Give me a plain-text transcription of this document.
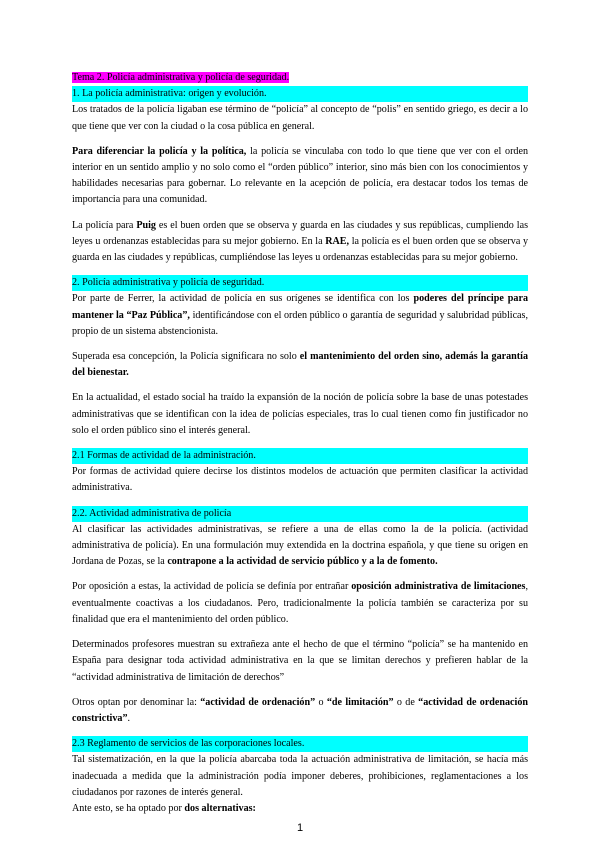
Tema 2. Policía administrativa y policía de seguridad.
1. La policía administrativa: origen y evolución.

Los tratados de la policía ligaban ese término de “policía” al concepto de “polis” en sentido griego, es decir a lo que tiene que ver con la ciudad o la cosa pública en general.

Para diferenciar la policía y la política, la policía se vinculaba con todo lo que tiene que ver con el orden interior en un sentido amplio y no solo como el “orden público” interior, sino más bien con los conocimientos y habilidades necesarias para gobernar. Lo relevante en la acepción de policía, era destacar todos los temas de importancia para una comunidad.

La policía para Puig es el buen orden que se observa y guarda en las ciudades y sus repúblicas, cumpliendo las leyes u ordenanzas establecidas para su mejor gobierno. En la RAE, la policía es el buen orden que se observa y guarda en las ciudades y repúblicas, cumpliéndose las leyes u ordenanzas establecidas para su mejor gobierno.

2. Policía administrativa y policía de seguridad.

Por parte de Ferrer, la actividad de policía en sus orígenes se identifica con los poderes del príncipe para mantener la “Paz Pública”, identificándose con el orden público o garantía de seguridad y salubridad públicas, propio de un sistema abstencionista.

Superada esa concepción, la Policía significara no solo el mantenimiento del orden sino, además la garantía del bienestar.

En la actualidad, el estado social ha traído la expansión de la noción de policía sobre la base de unas potestades administrativas que se identifican con la idea de policías especiales, tras lo cual tienen como fin justificador no solo el orden público sino el interés general.

2.1 Formas de actividad de la administración.

Por formas de actividad quiere decirse los distintos modelos de actuación que permiten clasificar la actividad administrativa.

2.2. Actividad administrativa de policía

Al clasificar las actividades administrativas, se refiere a una de ellas como la de la policía. (actividad administrativa de policía). En una formulación muy extendida en la doctrina española, y que tiene su origen en Jordana de Pozas, se la contrapone a la actividad de servicio público y a la de fomento.

Por oposición a estas, la actividad de policía se definía por entrañar oposición administrativa de limitaciones, eventualmente coactivas a los ciudadanos. Pero, tradicionalmente la policía también se caracteriza por su finalidad que era el mantenimiento del orden público.

Determinados profesores muestran su extrañeza ante el hecho de que el término “policía” se ha mantenido en España para designar toda actividad administrativa en la que se limitan derechos y prefieren hablar de la “actividad administrativa de limitación de derechos”

Otros optan por denominar la: “actividad de ordenación” o “de limitación” o de “actividad de ordenación constrictiva”.

2.3 Reglamento de servicios de las corporaciones locales.

Tal sistematización, en la que la policía abarcaba toda la actuación administrativa de limitación, se hacía más inadecuada a medida que la administración podía imponer deberes, prohibiciones, reglamentaciones a los ciudadanos por razones de interés general.

Ante esto, se ha optado por dos alternativas:

1
